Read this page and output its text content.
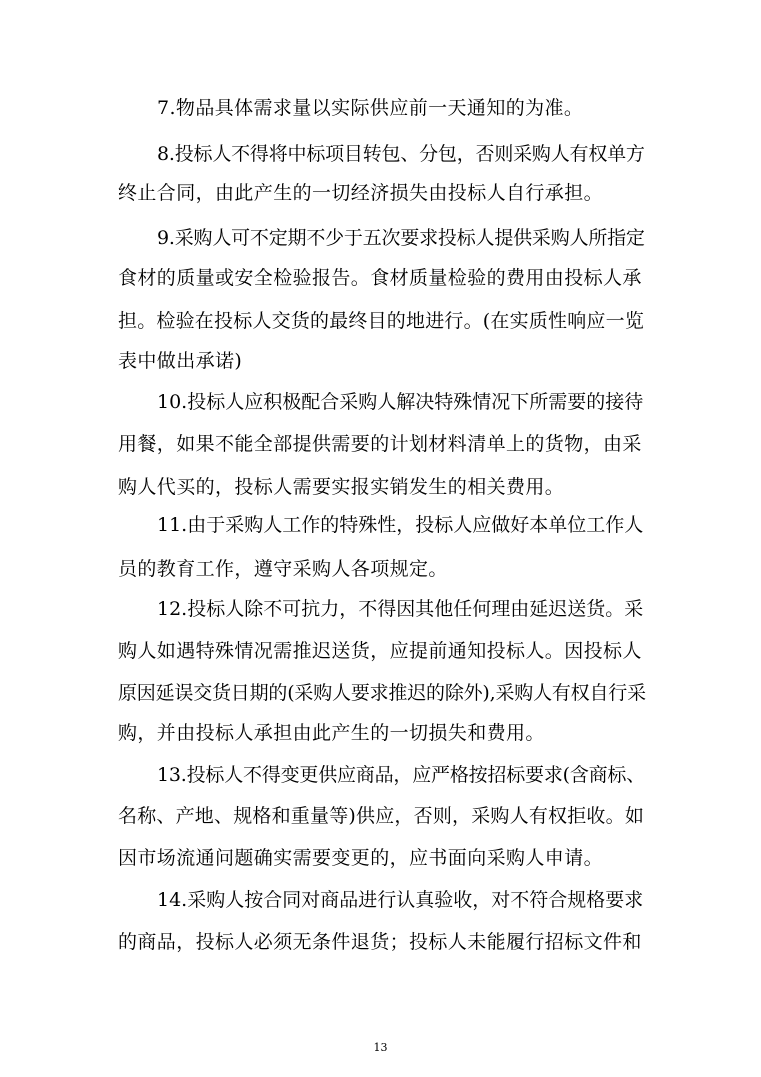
7.物品具体需求量以实际供应前一天通知的为准。
8.投标人不得将中标项目转包、分包，否则采购人有权单方
终止合同，由此产生的一切经济损失由投标人自行承担。
9.采购人可不定期不少于五次要求投标人提供采购人所指定
食材的质量或安全检验报告。食材质量检验的费用由投标人承
担。检验在投标人交货的最终目的地进行。(在实质性响应一览
表中做出承诺)
10.投标人应积极配合采购人解决特殊情况下所需要的接待
用餐，如果不能全部提供需要的计划材料清单上的货物，由采
购人代买的，投标人需要实报实销发生的相关费用。
11.由于采购人工作的特殊性，投标人应做好本单位工作人
员的教育工作，遵守采购人各项规定。
12.投标人除不可抗力，不得因其他任何理由延迟送货。采
购人如遇特殊情况需推迟送货，应提前通知投标人。因投标人
原因延误交货日期的(采购人要求推迟的除外),采购人有权自行采
购，并由投标人承担由此产生的一切损失和费用。
13.投标人不得变更供应商品，应严格按招标要求(含商标、
名称、产地、规格和重量等)供应，否则，采购人有权拒收。如
因市场流通问题确实需要变更的，应书面向采购人申请。
14.采购人按合同对商品进行认真验收，对不符合规格要求
的商品，投标人必须无条件退货；投标人未能履行招标文件和
13
